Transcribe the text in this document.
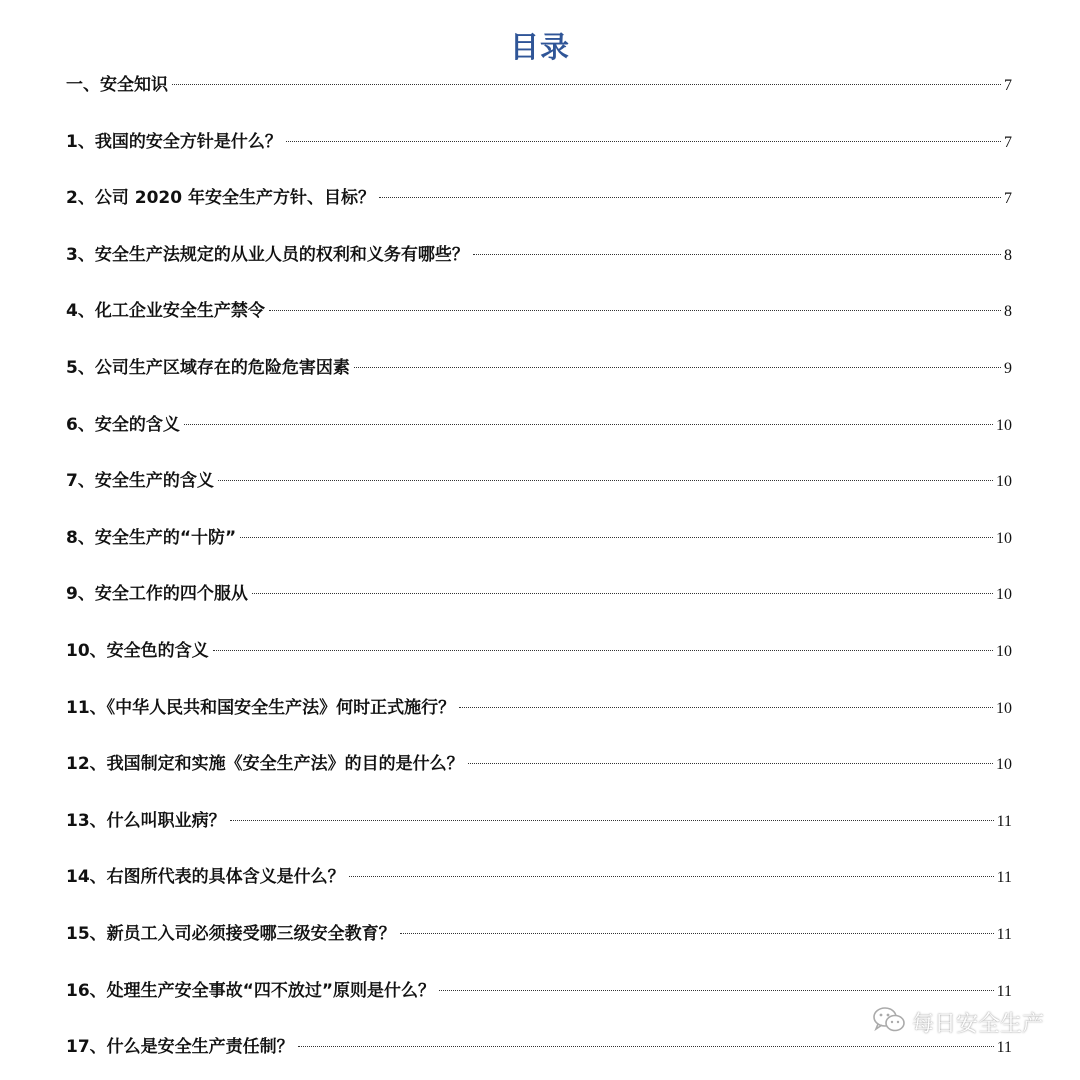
目录
一、安全知识	7
1、我国的安全方针是什么？	7
2、公司 2020 年安全生产方针、目标？	7
3、安全生产法规定的从业人员的权利和义务有哪些？	8
4、化工企业安全生产禁令	8
5、公司生产区域存在的危险危害因素	9
6、安全的含义	10
7、安全生产的含义	10
8、安全生产的“十防”	10
9、安全工作的四个服从	10
10、安全色的含义	10
11、《中华人民共和国安全生产法》何时正式施行？	10
12、我国制定和实施《安全生产法》的目的是什么？	10
13、什么叫职业病？	11
14、右图所代表的具体含义是什么？	11
15、新员工入司必须接受哪三级安全教育？	11
16、处理生产安全事故“四不放过”原则是什么？	11
17、什么是安全生产责任制？	11
每日安全生产
